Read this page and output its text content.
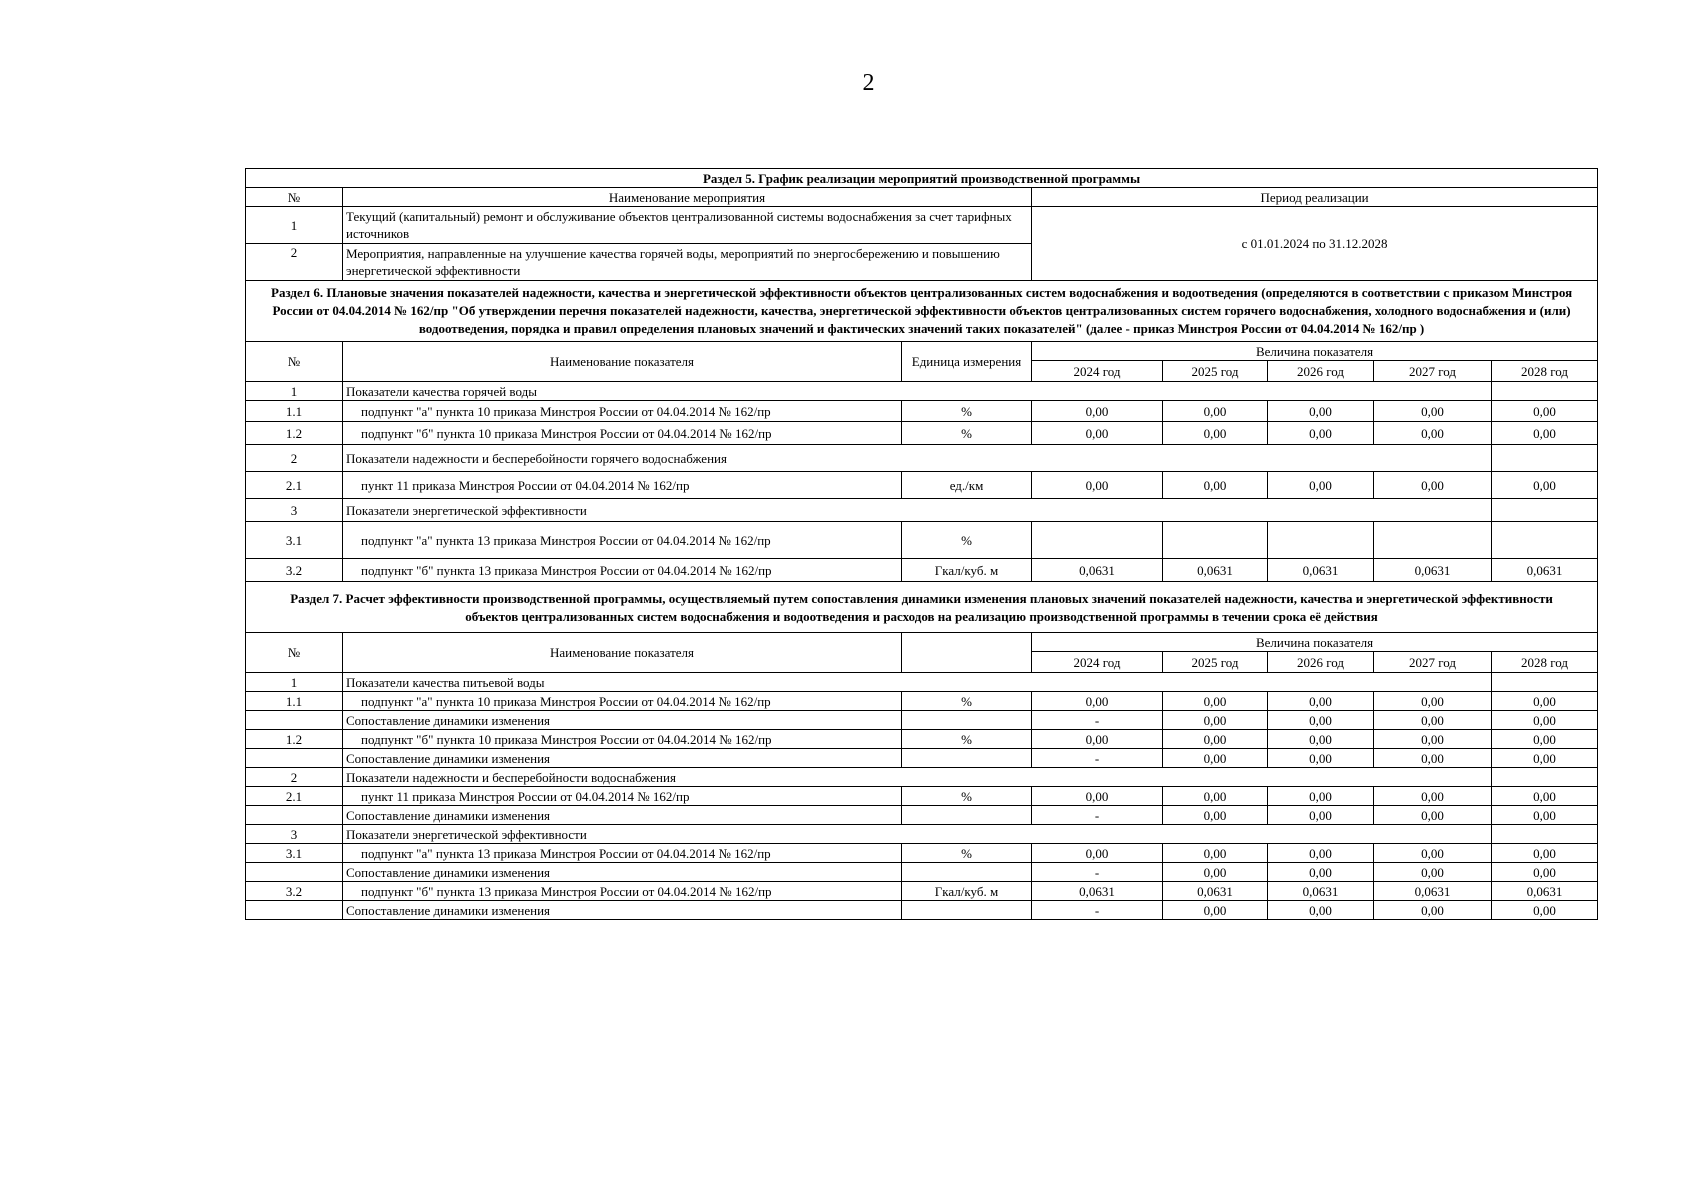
2
Раздел 5. График реализации мероприятий производственной программы							
№	Наименование мероприятия		Период реализации				
1	Текущий (капитальный) ремонт и обслуживание объектов централизованной системы водоснабжения за счет тарифных источников		с 01.01.2024 по 31.12.2028				
2	Мероприятия, направленные на улучшение качества горячей воды, мероприятий по энергосбережению и повышению энергетической эффективности						
Раздел 6. Плановые значения показателей надежности, качества и энергетической эффективности объектов централизованных систем водоснабжения и водоотведения (определяются в соответствии с приказом Минстроя России от 04.04.2014 № 162/пр "Об утверждении перечня показателей надежности, качества, энергетической эффективности объектов централизованных систем горячего водоснабжения, холодного водоснабжения и (или) водоотведения, порядка и правил определения плановых значений и фактических значений таких показателей" (далее - приказ Минстроя России от 04.04.2014 № 162/пр )							
№	Наименование показателя	Единица измерения	Величина показателя				
			2024 год	2025 год	2026 год	2027 год	2028 год
1	Показатели качества горячей воды						
1.1	подпункт "а" пункта 10 приказа Минстроя России от 04.04.2014 № 162/пр	%	0,00	0,00	0,00	0,00	0,00
1.2	подпункт "б" пункта 10 приказа Минстроя России от 04.04.2014 № 162/пр	%	0,00	0,00	0,00	0,00	0,00
2	Показатели надежности и бесперебойности горячего водоснабжения						
2.1	пункт 11 приказа Минстроя России от 04.04.2014 № 162/пр	ед./км	0,00	0,00	0,00	0,00	0,00
3	Показатели энергетической эффективности						
3.1	подпункт "а" пункта 13 приказа Минстроя России от 04.04.2014 № 162/пр	%					
3.2	подпункт "б" пункта 13 приказа Минстроя России от 04.04.2014 № 162/пр	Гкал/куб. м	0,0631	0,0631	0,0631	0,0631	0,0631
Раздел 7. Расчет эффективности производственной программы, осуществляемый путем сопоставления динамики изменения плановых значений показателей надежности, качества и энергетической эффективности объектов централизованных систем водоснабжения и водоотведения и расходов на реализацию производственной программы в течении срока её действия							
№	Наименование показателя		Величина показателя				
			2024 год	2025 год	2026 год	2027 год	2028 год
1	Показатели качества питьевой воды						
1.1	подпункт "а" пункта 10 приказа Минстроя России от 04.04.2014 № 162/пр	%	0,00	0,00	0,00	0,00	0,00
	Сопоставление динамики изменения		-	0,00	0,00	0,00	0,00
1.2	подпункт "б" пункта 10 приказа Минстроя России от 04.04.2014 № 162/пр	%	0,00	0,00	0,00	0,00	0,00
	Сопоставление динамики изменения		-	0,00	0,00	0,00	0,00
2	Показатели надежности и бесперебойности водоснабжения						
2.1	пункт 11 приказа Минстроя России от 04.04.2014 № 162/пр	%	0,00	0,00	0,00	0,00	0,00
	Сопоставление динамики изменения		-	0,00	0,00	0,00	0,00
3	Показатели энергетической эффективности						
3.1	подпункт "а" пункта 13 приказа Минстроя России от 04.04.2014 № 162/пр	%	0,00	0,00	0,00	0,00	0,00
	Сопоставление динамики изменения		-	0,00	0,00	0,00	0,00
3.2	подпункт "б" пункта 13 приказа Минстроя России от 04.04.2014 № 162/пр	Гкал/куб. м	0,0631	0,0631	0,0631	0,0631	0,0631
	Сопоставление динамики изменения		-	0,00	0,00	0,00	0,00
